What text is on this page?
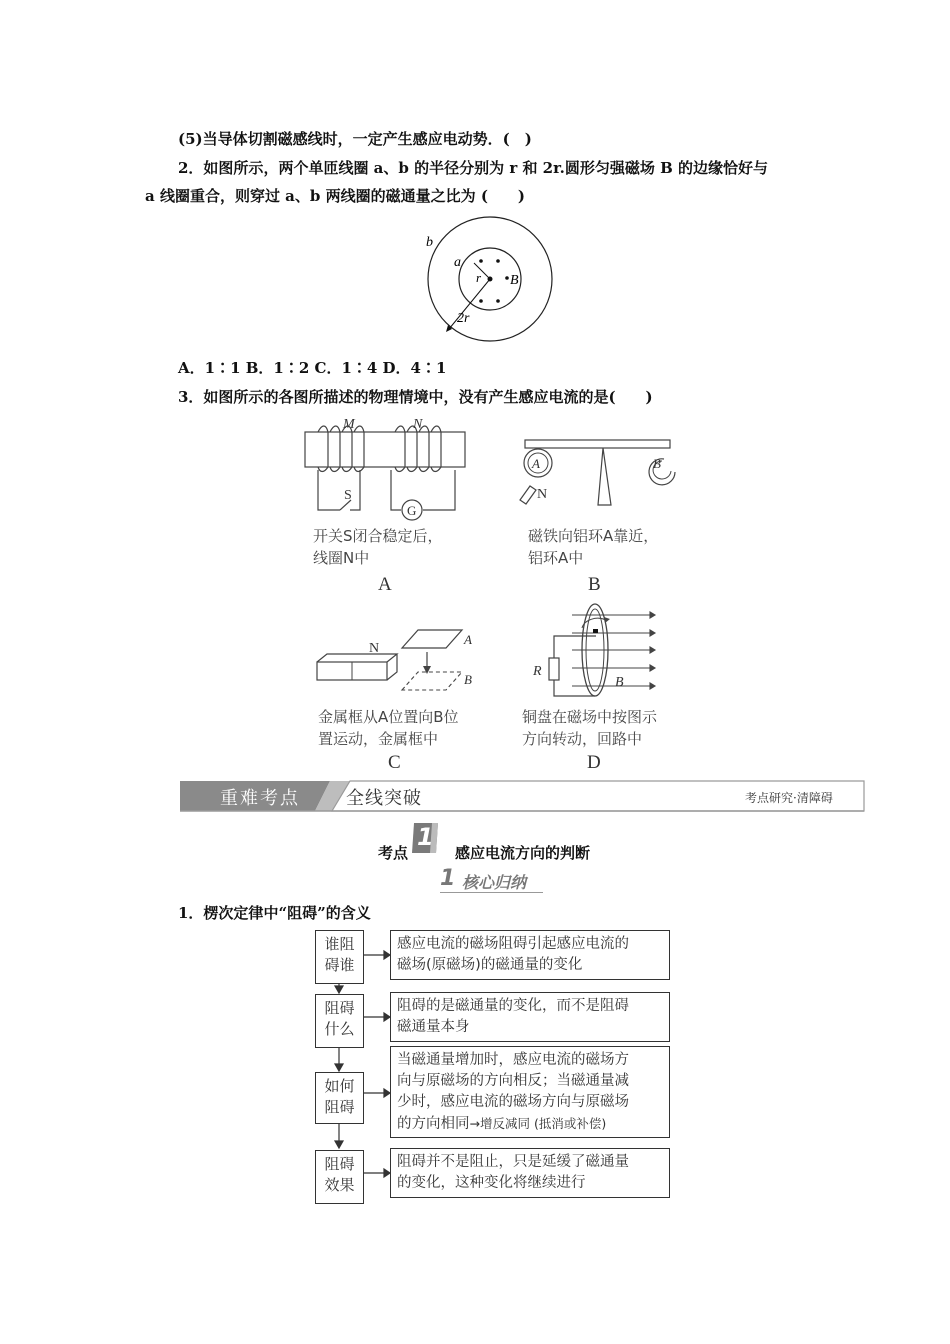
(5)当导体切割磁感线时，一定产生感应电动势．(　)
2．如图所示，两个单匝线圈 a、b 的半径分别为 r 和 2r.圆形匀强磁场 B 的边缘恰好与
a 线圈重合，则穿过 a、b 两线圈的磁通量之比为 (　　)
b
a
r B
2r
A．1∶1 B．1∶2 C．1∶4 D．4∶1
3．如图所示的各图所描述的物理情境中，没有产生感应电流的是(　　)
M	N
S
G
开关S闭合稳定后，
线圈N中
A
A	B
N
磁铁向铝环A靠近，
铝环A中
B
N
A
B
金属框从A位置向B位
置运动，金属框中
C
R
B
铜盘在磁场中按图示
方向转动，回路中
D
重难考点	全线突破	考点研究·清障碍
考点
1
感应电流方向的判断
1 核心归纳
1．楞次定律中“阻碍”的含义
谁阻
碍谁
感应电流的磁场阻碍引起感应电流的
磁场(原磁场)的磁通量的变化
阻碍
什么
阻碍的是磁通量的变化，而不是阻碍
磁通量本身
如何
阻碍
当磁通量增加时，感应电流的磁场方
向与原磁场的方向相反；当磁通量减
少时，感应电流的磁场方向与原磁场
的方向相同→增反减同 (抵消或补偿)
阻碍
效果
阻碍并不是阻止，只是延缓了磁通量
的变化，这种变化将继续进行
